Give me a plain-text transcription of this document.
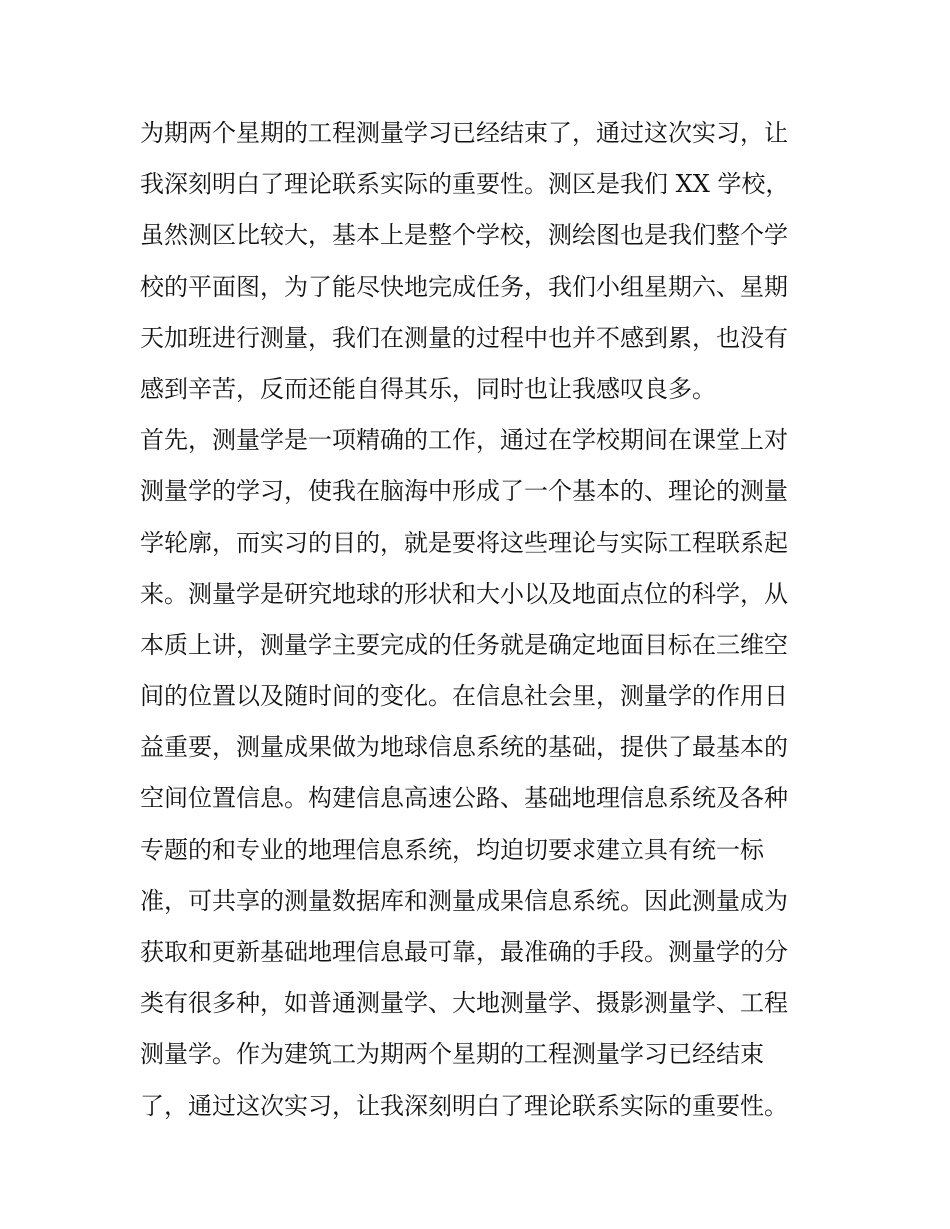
为期两个星期的工程测量学习已经结束了，通过这次实习，让
我深刻明白了理论联系实际的重要性。测区是我们 XX 学校，
虽然测区比较大，基本上是整个学校，测绘图也是我们整个学
校的平面图，为了能尽快地完成任务，我们小组星期六、星期
天加班进行测量，我们在测量的过程中也并不感到累，也没有
感到辛苦，反而还能自得其乐，同时也让我感叹良多。
首先，测量学是一项精确的工作，通过在学校期间在课堂上对
测量学的学习，使我在脑海中形成了一个基本的、理论的测量
学轮廓，而实习的目的，就是要将这些理论与实际工程联系起
来。测量学是研究地球的形状和大小以及地面点位的科学，从
本质上讲，测量学主要完成的任务就是确定地面目标在三维空
间的位置以及随时间的变化。在信息社会里，测量学的作用日
益重要，测量成果做为地球信息系统的基础，提供了最基本的
空间位置信息。构建信息高速公路、基础地理信息系统及各种
专题的和专业的地理信息系统，均迫切要求建立具有统一标
准，可共享的测量数据库和测量成果信息系统。因此测量成为
获取和更新基础地理信息最可靠，最准确的手段。测量学的分
类有很多种，如普通测量学、大地测量学、摄影测量学、工程
测量学。作为建筑工为期两个星期的工程测量学习已经结束
了，通过这次实习，让我深刻明白了理论联系实际的重要性。
